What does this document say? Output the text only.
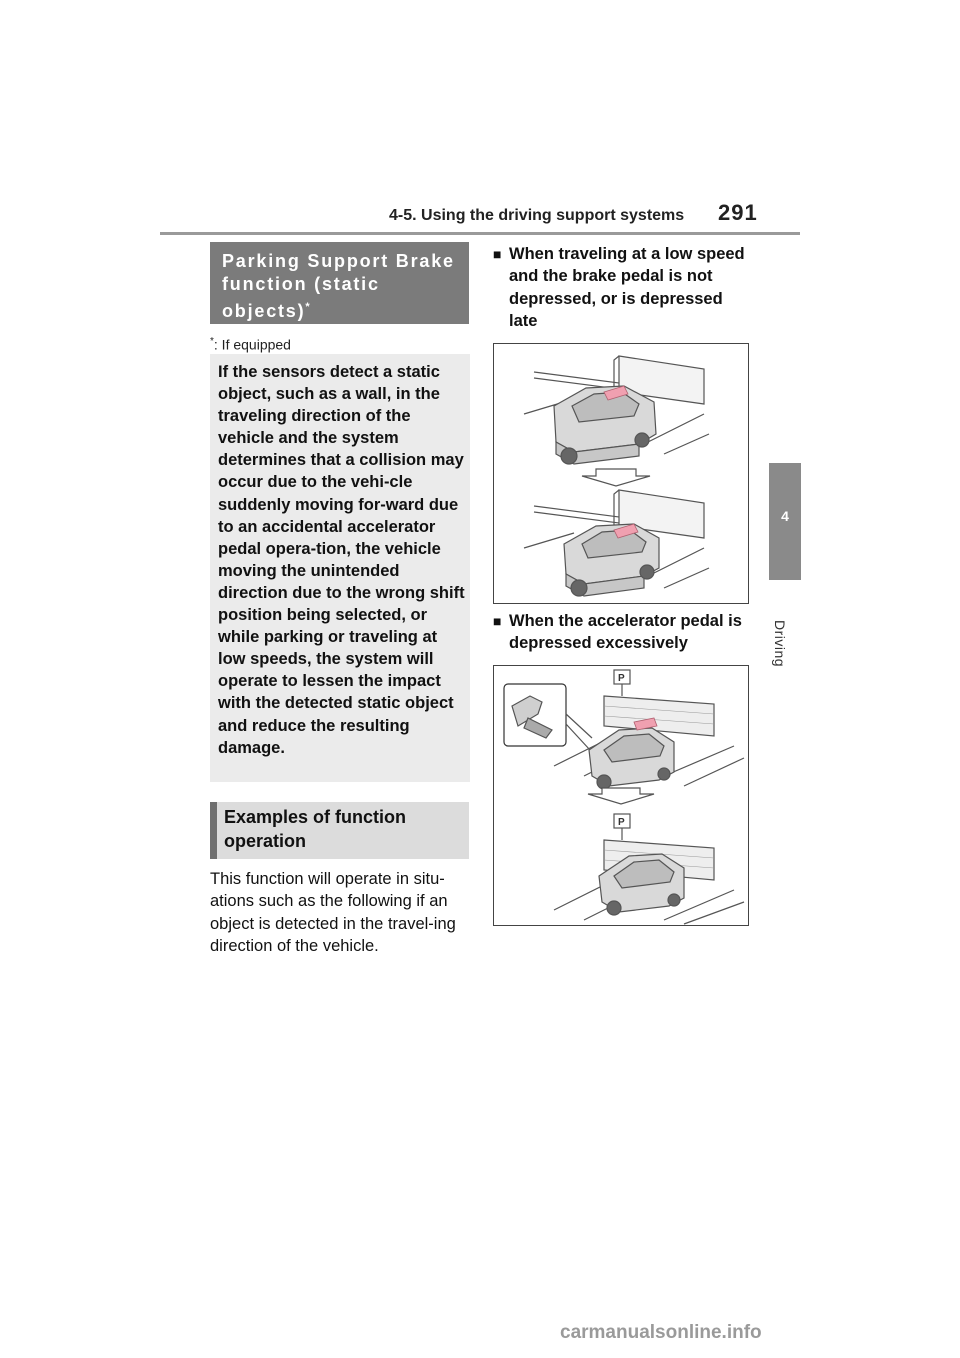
4-5. Using the driving support systems 291
4
Driving
Parking Support Brake function (static objects)*
*: If equipped
If the sensors detect a static object, such as a wall, in the traveling direction of the vehicle and the system determines that a collision may occur due to the vehi-cle suddenly moving for-ward due to an accidental accelerator pedal opera-tion, the vehicle moving the unintended direction due to the wrong shift position being selected, or while parking or traveling at low speeds, the system will operate to lessen the impact with the detected static object and reduce the resulting damage.
Examples of function operation
This function will operate in situ-ations such as the following if an object is detected in the travel-ing direction of the vehicle.
■ When traveling at a low speed and the brake pedal is not depressed, or is depressed late
■ When the accelerator pedal is depressed excessively
P
P
carmanualsonline.info
